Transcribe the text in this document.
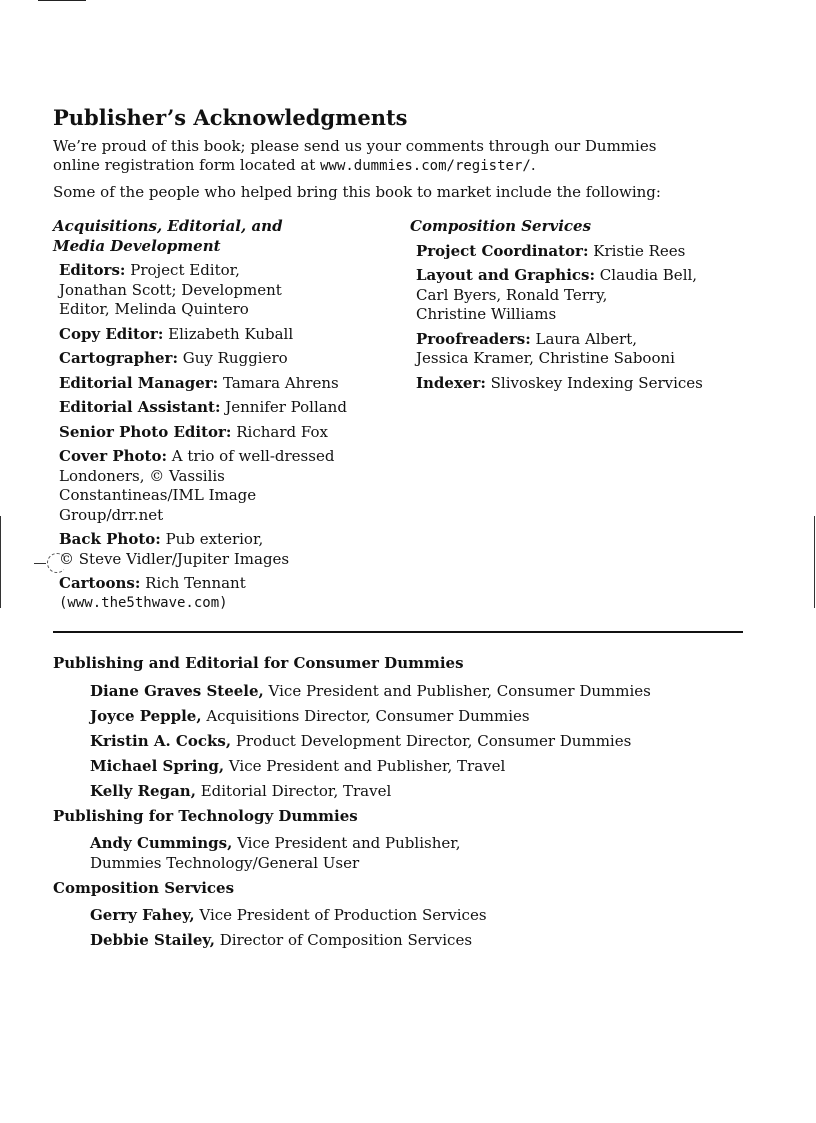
Publisher’s Acknowledgments

We’re proud of this book; please send us your comments through our Dummies

online registration form located at www.dummies.com/register/.

Some of the people who helped bring this book to market include the following:

Acquisitions, Editorial, and
Media Development
Editors: Project Editor,
Jonathan Scott; Development
Editor, Melinda Quintero
Copy Editor: Elizabeth Kuball
Cartographer: Guy Ruggiero
Editorial Manager: Tamara Ahrens
Editorial Assistant: Jennifer Polland
Senior Photo Editor: Richard Fox
Cover Photo: A trio of well-dressed
Londoners, © Vassilis
Constantineas/IML Image
Group/drr.net
Back Photo: Pub exterior,
© Steve Vidler/Jupiter Images
Cartoons: Rich Tennant
(www.the5thwave.com)
Composition Services
Project Coordinator: Kristie Rees
Layout and Graphics: Claudia Bell,
Carl Byers, Ronald Terry,
Christine Williams
Proofreaders: Laura Albert,
Jessica Kramer, Christine Sabooni
Indexer: Slivoskey Indexing Services
Publishing and Editorial for Consumer Dummies
Diane Graves Steele, Vice President and Publisher, Consumer Dummies
Joyce Pepple, Acquisitions Director, Consumer Dummies
Kristin A. Cocks, Product Development Director, Consumer Dummies
Michael Spring, Vice President and Publisher, Travel
Kelly Regan, Editorial Director, Travel
Publishing for Technology Dummies
Andy Cummings, Vice President and Publisher,
Dummies Technology/General User
Composition Services
Gerry Fahey, Vice President of Production Services
Debbie Stailey, Director of Composition Services
